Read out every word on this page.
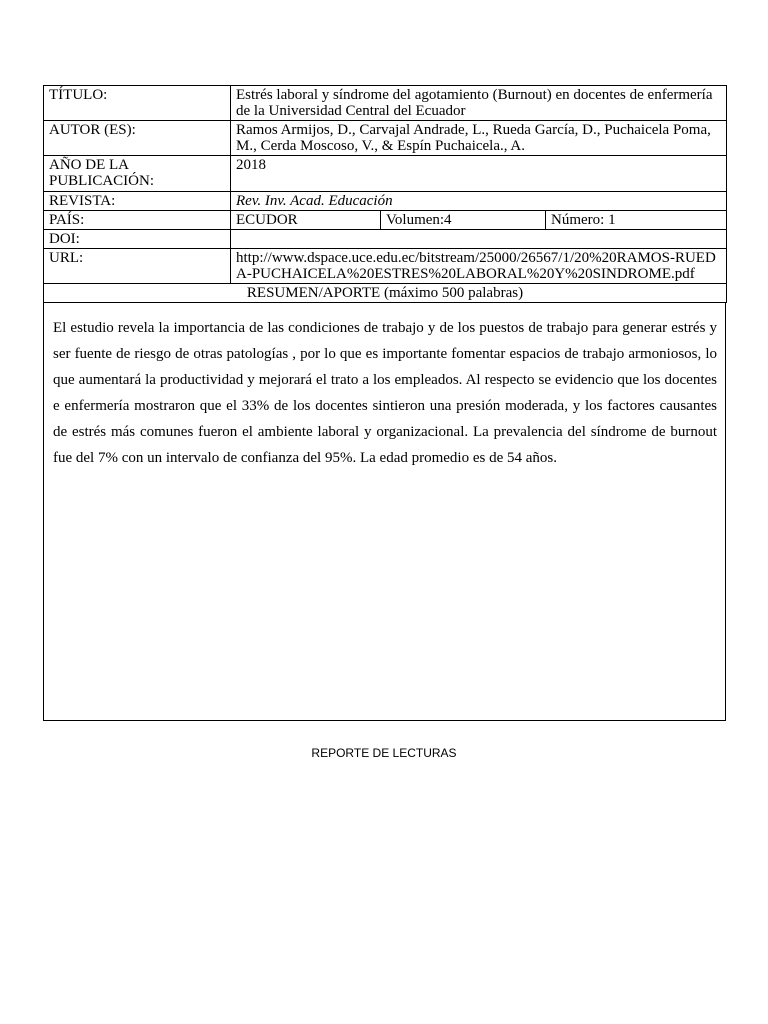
TÍTULO:	Estrés laboral y síndrome del agotamiento (Burnout) en docentes de enfermería de la Universidad Central del Ecuador		
AUTOR (ES):	Ramos Armijos, D., Carvajal Andrade, L., Rueda García, D., Puchaicela Poma, M., Cerda Moscoso, V., & Espín Puchaicela., A.		
AÑO DE LA PUBLICACIÓN:	2018		
REVISTA:	Rev. Inv. Acad. Educación		
PAÍS:	ECUDOR	Volumen:4	Número: 1
DOI:			
URL:	http://www.dspace.uce.edu.ec/bitstream/25000/26567/1/20%20RAMOS-RUEDA-PUCHAICELA%20ESTRES%20LABORAL%20Y%20SINDROME.pdf		
RESUMEN/APORTE (máximo 500 palabras)			
El estudio revela la importancia de las condiciones de trabajo y de los puestos de trabajo para generar estrés y ser fuente de riesgo de otras patologías , por lo que es importante fomentar espacios de trabajo armoniosos, lo que aumentará la productividad y mejorará el trato a los empleados. Al respecto se evidencio que los docentes e enfermería mostraron que el 33% de los docentes sintieron una presión moderada, y los factores causantes de estrés más comunes fueron el ambiente laboral y organizacional. La prevalencia del síndrome de burnout fue del 7% con un intervalo de confianza del 95%. La edad promedio es de 54 años.
REPORTE DE LECTURAS
